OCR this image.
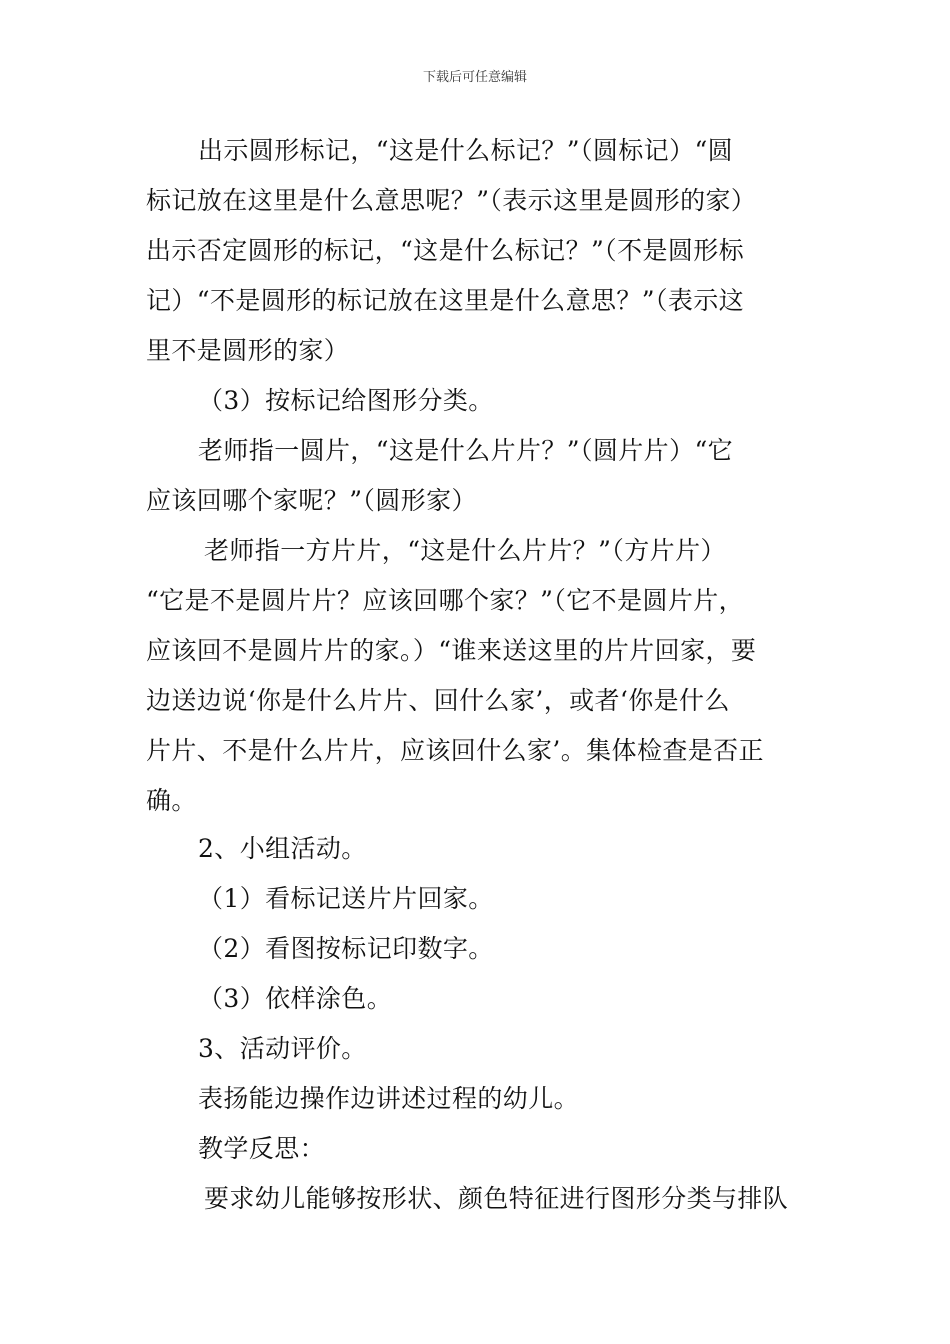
下载后可任意编辑
出示圆形标记，“这是什么标记？”（圆标记）“圆
标记放在这里是什么意思呢？”（表示这里是圆形的家）
出示否定圆形的标记，“这是什么标记？”（不是圆形标
记）“不是圆形的标记放在这里是什么意思？”（表示这
里不是圆形的家）
（3）按标记给图形分类。
老师指一圆片，“这是什么片片？”（圆片片）“它
应该回哪个家呢？”（圆形家）
老师指一方片片，“这是什么片片？”（方片片）
“它是不是圆片片？应该回哪个家？”（它不是圆片片，
应该回不是圆片片的家。）“谁来送这里的片片回家，要
边送边说‘你是什么片片、回什么家’，或者‘你是什么
片片、不是什么片片，应该回什么家’。集体检查是否正
确。
2、小组活动。
（1）看标记送片片回家。
（2）看图按标记印数字。
（3）依样涂色。
3、活动评价。
表扬能边操作边讲述过程的幼儿。
教学反思：
要求幼儿能够按形状、颜色特征进行图形分类与排队
